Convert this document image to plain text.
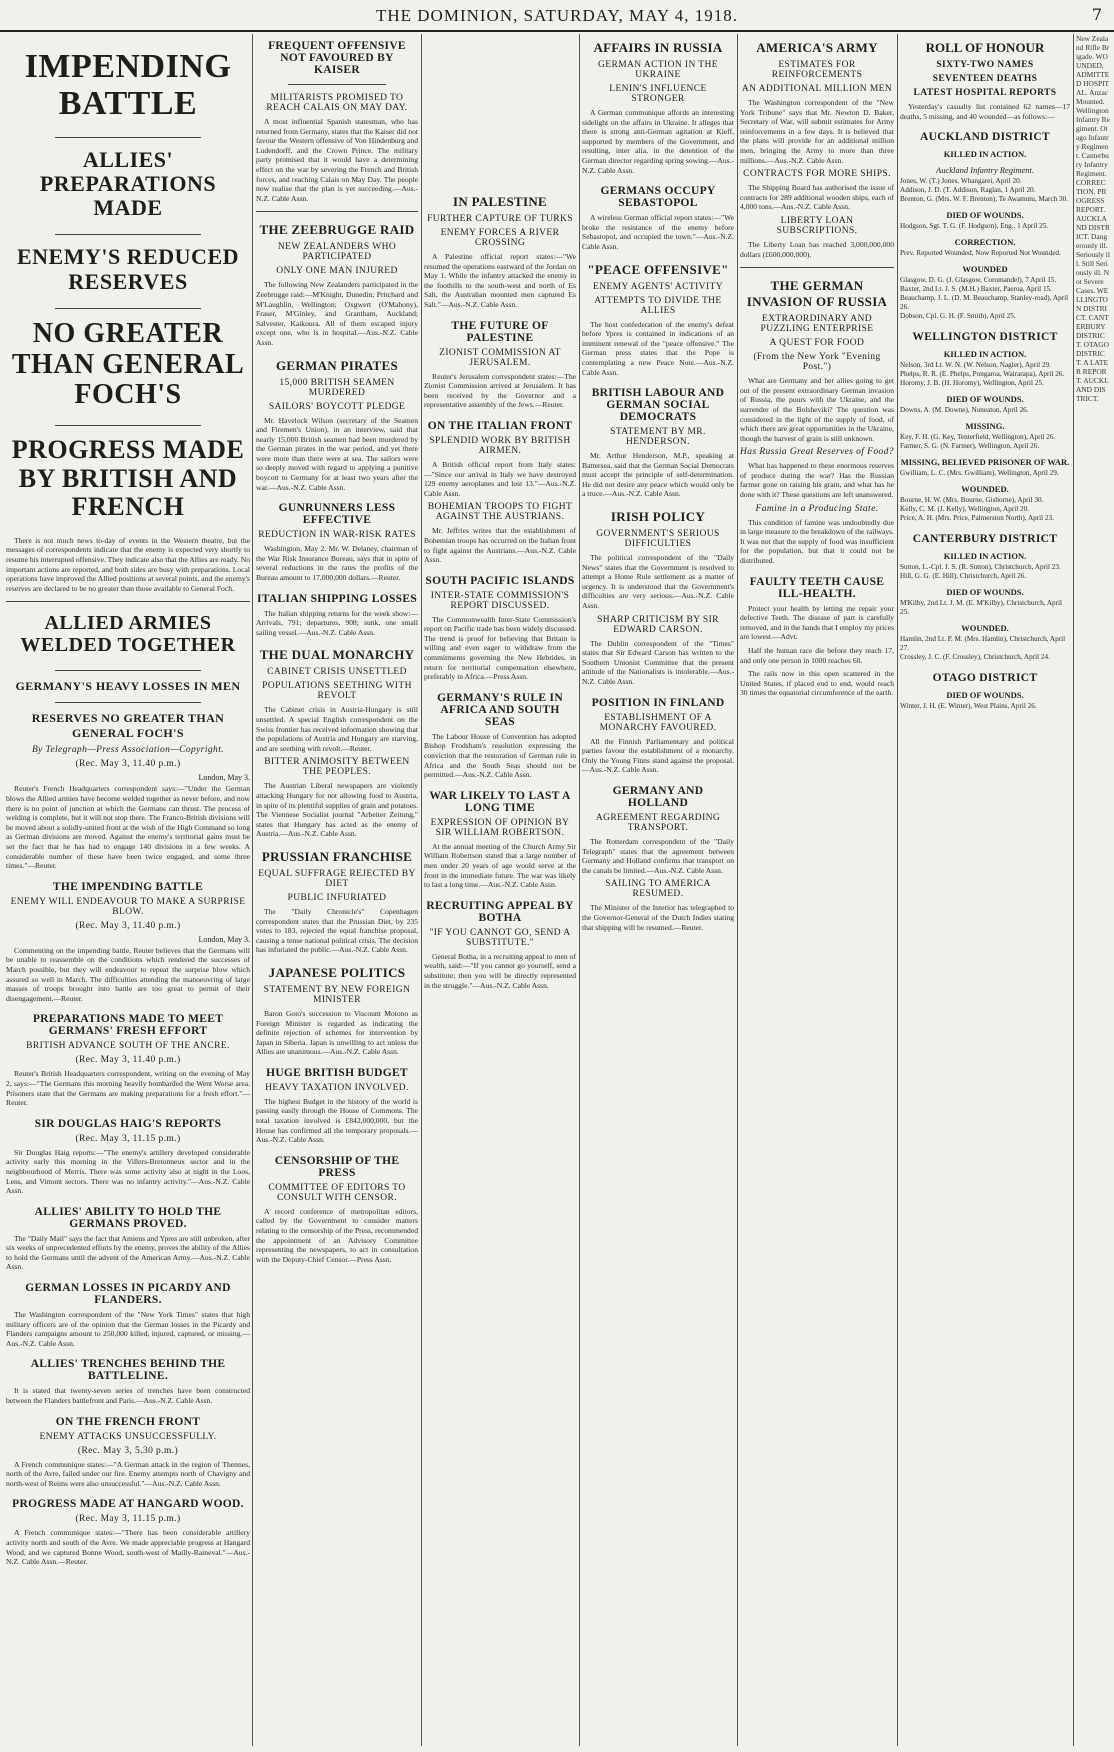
THE DOMINION, SATURDAY, MAY 4, 1918.	7
IMPENDING BATTLE
ALLIES' PREPARATIONS MADE
ENEMY'S REDUCED RESERVES
NO GREATER THAN GENERAL FOCH'S
PROGRESS MADE BY BRITISH AND FRENCH

There is not much news to-day of events in the Western theatre, but the messages of correspondents indicate that the enemy is expected very shortly to resume his interrupted offensive. They indicate also that the Allies are ready. No important actions are reported, and both sides are busy with preparations. Local operations have improved the Allied positions at several points, and the enemy's reserves are declared to be no greater than those available to General Foch.

ALLIED ARMIES WELDED TOGETHER
GERMANY'S HEAVY LOSSES IN MEN
RESERVES NO GREATER THAN GENERAL FOCH'S
By Telegraph—Press Association—Copyright.
(Rec. May 3, 11.40 p.m.)
London, May 3.

Reuter's French Headquarters correspondent says:—"Under the German blows the Allied armies have become welded together as never before, and now there is no point of junction at which the Germans can thrust. The process of welding is complete, but it will not stop there. The Franco-British divisions will be moved about a solidly-united front at the wish of the High Command so long as German divisions are moved. Against the enemy's territorial gains must be set the fact that he has had to engage 140 divisions in a few weeks. A considerable number of these have been twice engaged, and some three times."—Reuter.

THE IMPENDING BATTLE
ENEMY WILL ENDEAVOUR TO MAKE A SURPRISE BLOW.
(Rec. May 3, 11.40 p.m.)
London, May 3.

Commenting on the impending battle, Reuter believes that the Germans will be unable to reassemble on the conditions which rendered the successes of March possible, but they will endeavour to repeat the surprise blow which assured so well in March. The difficulties attending the manoeuvring of large masses of troops brought into battle are too great to permit of their disengagement.—Reuter.

PREPARATIONS MADE TO MEET GERMANS' FRESH EFFORT
BRITISH ADVANCE SOUTH OF THE ANCRE.
(Rec. May 3, 11.40 p.m.)

Reuter's British Headquarters correspondent, writing on the evening of May 2, says:—"The Germans this morning heavily bombarded the Went Worse area. Prisoners state that the Germans are making preparations for a fresh effort."—Reuter.

SIR DOUGLAS HAIG'S REPORTS
(Rec. May 3, 11.15 p.m.)

Sir Douglas Haig reports:—"The enemy's artillery developed considerable activity early this morning in the Villers-Bretonneux sector and in the neighbourhood of Merris. There was some activity also at night in the Loos, Lens, and Vimont sectors. There was no infantry activity."—Aus.-N.Z. Cable Assn.

ALLIES' ABILITY TO HOLD THE GERMANS PROVED.

The "Daily Mail" says the fact that Amiens and Ypres are still unbroken, after six weeks of unprecedented efforts by the enemy, proves the ability of the Allies to hold the Germans until the advent of the American Army.—Aus.-N.Z. Cable Assn.

GERMAN LOSSES IN PICARDY AND FLANDERS.

The Washington correspondent of the "New York Times" states that high military officers are of the opinion that the German losses in the Picardy and Flanders campaigns amount to 250,000 killed, injured, captured, or missing.—Aus.-N.Z. Cable Assn.

ALLIES' TRENCHES BEHIND THE BATTLELINE.

It is stated that twenty-seven series of trenches have been constructed between the Flanders battlefront and Paris.—Aus.-N.Z. Cable Assn.

ON THE FRENCH FRONT
ENEMY ATTACKS UNSUCCESSFULLY.
(Rec. May 3, 5.30 p.m.)

A French communique states:—"A German attack in the region of Thennes, north of the Avre, failed under our fire. Enemy attempts north of Chavigny and north-west of Reims were also unsuccessful."—Aus.-N.Z. Cable Assn.

PROGRESS MADE AT HANGARD WOOD.
(Rec. May 3, 11.15 p.m.)

A French communique states:—"There has been considerable artillery activity north and south of the Avre. We made appreciable progress at Hangard Wood, and we captured Bonne Wood, south-west of Mailly-Raineval."—Aus.-N.Z. Cable Assn.—Reuter.

FREQUENT OFFENSIVE NOT FAVOURED BY KAISER
MILITARISTS PROMISED TO REACH CALAIS ON MAY DAY.

A most influential Spanish statesman, who has returned from Germany, states that the Kaiser did not favour the Western offensive of Von Hindenburg and Ludendorff, and the Crown Prince. The military party promised that it would have a determining effect on the war by severing the French and British forces, and reaching Calais on May Day. The people now realise that the plan is yet succeeding.—Aus.-N.Z. Cable Assn.

THE ZEEBRUGGE RAID
NEW ZEALANDERS WHO PARTICIPATED
ONLY ONE MAN INJURED

The following New Zealanders participated in the Zeebrugge raid:—M'Knight, Dunedin; Pritchard and M'Laughlin, Wellington; Oxgwert (O'Mahony), Fraser, M'Ginley, and Grantham, Auckland; Salvester, Kaikoura. All of them escaped injury except one, who is in hospital.—Aus.-N.Z. Cable Assn.

GERMAN PIRATES
15,000 BRITISH SEAMEN MURDERED
SAILORS' BOYCOTT PLEDGE

Mr. Havelock Wilson (secretary of the Seamen and Firemen's Union), in an interview, said that nearly 15,000 British seamen had been murdered by the German pirates in the war period, and yet there were more than there were at sea. The sailors were so deeply moved with regard to applying a punitive boycott to Germany for at least two years after the war.—Aus.-N.Z. Cable Assn.

GUNRUNNERS LESS EFFECTIVE
REDUCTION IN WAR-RISK RATES

Washington, May 2. Mr. W. Delaney, chairman of the War Risk Insurance Bureau, says that in spite of several reductions in the rates the profits of the Bureau amount to 17,000,000 dollars.—Reuter.

ITALIAN SHIPPING LOSSES

The Italian shipping returns for the week show:—Arrivals, 791; departures, 908; sunk, one small sailing vessel.—Aus.-N.Z. Cable Assn.

THE DUAL MONARCHY
CABINET CRISIS UNSETTLED
POPULATIONS SEETHING WITH REVOLT

The Cabinet crisis in Austria-Hungary is still unsettled. A special English correspondent on the Swiss frontier has received information showing that the populations of Austria and Hungary are starving, and are seething with revolt.—Reuter.

BITTER ANIMOSITY BETWEEN THE PEOPLES.

The Austrian Liberal newspapers are violently attacking Hungary for not allowing food to Austria, in spite of its plentiful supplies of grain and potatoes. The Viennese Socialist journal "Arbeiter Zeitung," states that Hungary has acted as the enemy of Austria.—Aus.-N.Z. Cable Assn.

PRUSSIAN FRANCHISE
EQUAL SUFFRAGE REJECTED BY DIET
PUBLIC INFURIATED

The "Daily Chronicle's" Copenhagen correspondent states that the Prussian Diet, by 235 votes to 183, rejected the equal franchise proposal, causing a tense national political crisis. The decision has infuriated the public.—Aus.-N.Z. Cable Assn.

JAPANESE POLITICS
STATEMENT BY NEW FOREIGN MINISTER

Baron Goto's succession to Viscount Motono as Foreign Minister is regarded as indicating the definite rejection of schemes for intervention by Japan in Siberia. Japan is unwilling to act unless the Allies are unanimous.—Aus.-N.Z. Cable Assn.

HUGE BRITISH BUDGET
HEAVY TAXATION INVOLVED.

The highest Budget in the history of the world is passing easily through the House of Commons. The total taxation involved is £842,000,000, but the House has confirmed all the temporary proposals.—Aus.-N.Z. Cable Assn.

CENSORSHIP OF THE PRESS
COMMITTEE OF EDITORS TO CONSULT WITH CENSOR.

A record conference of metropolitan editors, called by the Government to consider matters relating to the censorship of the Press, recommended the appointment of an Advisory Committee representing the newspapers, to act in consultation with the Deputy-Chief Censor.—Press Assn.

IN PALESTINE
FURTHER CAPTURE OF TURKS
ENEMY FORCES A RIVER CROSSING

A Palestine official report states:—"We resumed the operations eastward of the Jordan on May 1. While the infantry attacked the enemy in the foothills to the south-west and north of Es Salt, the Australian mounted men captured Es Salt."—Aus.-N.Z. Cable Assn.

THE FUTURE OF PALESTINE
ZIONIST COMMISSION AT JERUSALEM.

Reuter's Jerusalem correspondent states:—The Zionist Commission arrived at Jerusalem. It has been received by the Governor and a representative assembly of the Jews.—Reuter.

ON THE ITALIAN FRONT
SPLENDID WORK BY BRITISH AIRMEN.

A British official report from Italy states:—"Since our arrival in Italy we have destroyed 129 enemy aeroplanes and lost 13."—Aus.-N.Z. Cable Assn.

BOHEMIAN TROOPS TO FIGHT AGAINST THE AUSTRIANS.

Mr. Jeffries writes that the establishment of Bohemian troops has occurred on the Italian front to fight against the Austrians.—Aus.-N.Z. Cable Assn.

SOUTH PACIFIC ISLANDS
INTER-STATE COMMISSION'S REPORT DISCUSSED.

The Commonwealth Inter-State Commission's report on Pacific trade has been widely discussed. The trend is proof for believing that Britain is willing and even eager to withdraw from the commitments governing the New Hebrides, in return for territorial compensation elsewhere, preferably in Africa.—Press Assn.

GERMANY'S RULE IN AFRICA AND SOUTH SEAS

The Labour House of Convention has adopted Bishop Frodsham's resolution expressing the conviction that the restoration of German rule in Africa and the South Seas should not be permitted.—Aus.-N.Z. Cable Assn.

WAR LIKELY TO LAST A LONG TIME
EXPRESSION OF OPINION BY SIR WILLIAM ROBERTSON.

At the annual meeting of the Church Army Sir William Robertson stated that a large number of men under 20 years of age would serve at the front in the immediate future. The war was likely to last a long time.—Aus.-N.Z. Cable Assn.

RECRUITING APPEAL BY BOTHA
"IF YOU CANNOT GO, SEND A SUBSTITUTE."

General Botha, in a recruiting appeal to men of wealth, said:—"If you cannot go yourself, send a substitute; then you will be directly represented in the struggle."—Aus.-N.Z. Cable Assn.

AFFAIRS IN RUSSIA
GERMAN ACTION IN THE UKRAINE
LENIN'S INFLUENCE STRONGER

A German communique affords an interesting sidelight on the affairs in Ukraine. It alleges that there is strong anti-German agitation at Kieff, supported by members of the Government, and resulting, inter alia, in the detention of the German director regarding spring sowing.—Aus.-N.Z. Cable Assn.

GERMANS OCCUPY SEBASTOPOL

A wireless German official report states:—"We broke the resistance of the enemy before Sebastopol, and occupied the town."—Aus.-N.Z. Cable Assn.

"PEACE OFFENSIVE"
ENEMY AGENTS' ACTIVITY
ATTEMPTS TO DIVIDE THE ALLIES

The host confederation of the enemy's defeat before Ypres is contained in indications of an imminent renewal of the "peace offensive." The German press states that the Pope is contemplating a new Peace Note.—Aus.-N.Z. Cable Assn.

BRITISH LABOUR AND GERMAN SOCIAL DEMOCRATS
STATEMENT BY MR. HENDERSON.

Mr. Arthur Henderson, M.P., speaking at Battersea, said that the German Social Democrats must accept the principle of self-determination. He did not desire any peace which would only be a truce.—Aus.-N.Z. Cable Assn.

IRISH POLICY
GOVERNMENT'S SERIOUS DIFFICULTIES

The political correspondent of the "Daily News" states that the Government is resolved to attempt a Home Rule settlement as a matter of urgency. It is understood that the Government's difficulties are very serious.—Aus.-N.Z. Cable Assn.

SHARP CRITICISM BY SIR EDWARD CARSON.

The Dublin correspondent of the "Times" states that Sir Edward Carson has written to the Southern Unionist Committee that the present attitude of the Nationalists is intolerable.—Aus.-N.Z. Cable Assn.

POSITION IN FINLAND
ESTABLISHMENT OF A MONARCHY FAVOURED.

All the Finnish Parliamentary and political parties favour the establishment of a monarchy. Only the Young Finns stand against the proposal.—Aus.-N.Z. Cable Assn.

GERMANY AND HOLLAND
AGREEMENT REGARDING TRANSPORT.

The Rotterdam correspondent of the "Daily Telegraph" states that the agreement between Germany and Holland confirms that transport on the canals be limited.—Aus.-N.Z. Cable Assn.

SAILING TO AMERICA RESUMED.

The Minister of the Interior has telegraphed to the Governor-General of the Dutch Indies stating that shipping will be resumed.—Reuter.

AMERICA'S ARMY
ESTIMATES FOR REINFORCEMENTS
AN ADDITIONAL MILLION MEN

The Washington correspondent of the "New York Tribune" says that Mr. Newton D. Baker, Secretary of War, will submit estimates for Army reinforcements in a few days. It is believed that the plans will provide for an additional million men, bringing the Army to more than three millions.—Aus.-N.Z. Cable Assn.

CONTRACTS FOR MORE SHIPS.

The Shipping Board has authorised the issue of contracts for 289 additional wooden ships, each of 4,000 tons.—Aus.-N.Z. Cable Assn.

LIBERTY LOAN SUBSCRIPTIONS.

The Liberty Loan has reached 3,000,000,000 dollars (£600,000,000).

THE GERMAN INVASION OF RUSSIA
EXTRAORDINARY AND PUZZLING ENTERPRISE
A QUEST FOR FOOD
(From the New York "Evening Post.")

What are Germany and her allies going to get out of the present extraordinary German invasion of Russia, the pours with the Ukraine, and the surrender of the Bolsheviki? The question was considered in the light of the supply of food, of which there are great opportunities in the Ukraine, though the harvest of grain is still unknown.

Has Russia Great Reserves of Food?

What has happened to these enormous reserves of produce during the war? Has the Russian farmer gone on raising his grain, and what has he done with it? These questions are left unanswered.

Famine in a Producing State.

This condition of famine was undoubtedly due in large measure to the breakdown of the railways. It was not that the supply of food was insufficient for the population, but that it could not be distributed.

FAULTY TEETH CAUSE ILL-HEALTH.

Protect your health by letting me repair your defective Teeth. The disease of part is carefully removed, and in the hands that I employ my prices are lowest.—Advt.

Half the human race die before they reach 17, and only one person in 1000 reaches 60.

The rails now in this open scattered in the United States, if placed end to end, would reach 30 times the equatorial circumference of the earth.

ROLL OF HONOUR
SIXTY-TWO NAMES
SEVENTEEN DEATHS
LATEST HOSPITAL REPORTS

Yesterday's casualty list contained 62 names—17 deaths, 5 missing, and 40 wounded—as follows:—

AUCKLAND DISTRICT
KILLED IN ACTION.
Auckland Infantry Regiment.

Jones, W. (T.) Jones, Whangarei, April 20.

Addison, J. D. (T. Addison, Raglan, 1 April 20.

Brenton, G. (Mrs. W. F. Brenton), Te Awamutu, March 30.

DIED OF WOUNDS.

Hodgson, Sgt. T. G. (F. Hodgson), Eng., 1 April 25.

CORRECTION.

Prev. Reported Wounded, Now Reported Not Wounded.

WOUNDED

Glasgow, D. G. (J. Glasgow, Coromandel), 7 April 15.

Baxter, 2nd Lt. J. S. (M.H.) Baxter, Paeroa, April 15.

Beauchamp, J. L. (D. M. Beauchamp, Stanley-road), April 26.

Dobson, Cpl. G. H. (F. Smith), April 25.

WELLINGTON DISTRICT
KILLED IN ACTION.

Nelson, 3rd Lt. W. N. (W. Nelson, Nagler), April 29.

Phelps, R. R. (E. Phelps, Pongaroa, Wairarapa), April 26.

Horomy, J. B. (H. Horomy), Wellington, April 25.

DIED OF WOUNDS.

Downs, A. (M. Downe), Nuneaton, April 26.

MISSING.

Key, F. H. (G. Key, Tenterfield, Wellington), April 26.

Farmer, S. G. (N. Farmer), Wellington, April 26.

MISSING, BELIEVED PRISONER OF WAR.

Gwilliam, L. C. (Mrs. Gwilliam), Wellington, April 29.

WOUNDED.

Bourne, H. W. (Mrs. Bourne, Gisborne), April 30.

Kelly, C. M. (J. Kelly), Wellington, April 20.

Price, A. H. (Mrs. Price, Palmerston North), April 23.

CANTERBURY DISTRICT
KILLED IN ACTION.

Sutton, L.-Cpl. J. S. (R. Sutton), Christchurch, April 23.

Hill, G. G. (E. Hill), Christchurch, April 26.

DIED OF WOUNDS.

M'Kilby, 2nd Lt. J. M. (E. M'Kilby), Christchurch, April 25.

WOUNDED.

Hamlin, 2nd Lt. P. M. (Mrs. Hamlin), Christchurch, April 27.

Crossley, J. C. (F. Crossley), Christchurch, April 24.

OTAGO DISTRICT
DIED OF WOUNDS.

Winter, J. H. (E. Winter), West Plains, April 26.

New Zealand Rifle Brigade. WOUNDED, ADMITTED HOSPITAL. Anzac Mounted. Wellington Infantry Regiment. Otago Infantry Regiment. Canterbury Infantry Regiment. CORRECTION. PROGRESS REPORT. AUCKLAND DISTRICT. Dangerously ill. Seriously ill. Still Seriously ill. Not Severe Cases. WELLINGTON DISTRICT. CANTERBURY DISTRICT. OTAGO DISTRICT. A LATER REPORT. AUCKLAND DISTRICT.
